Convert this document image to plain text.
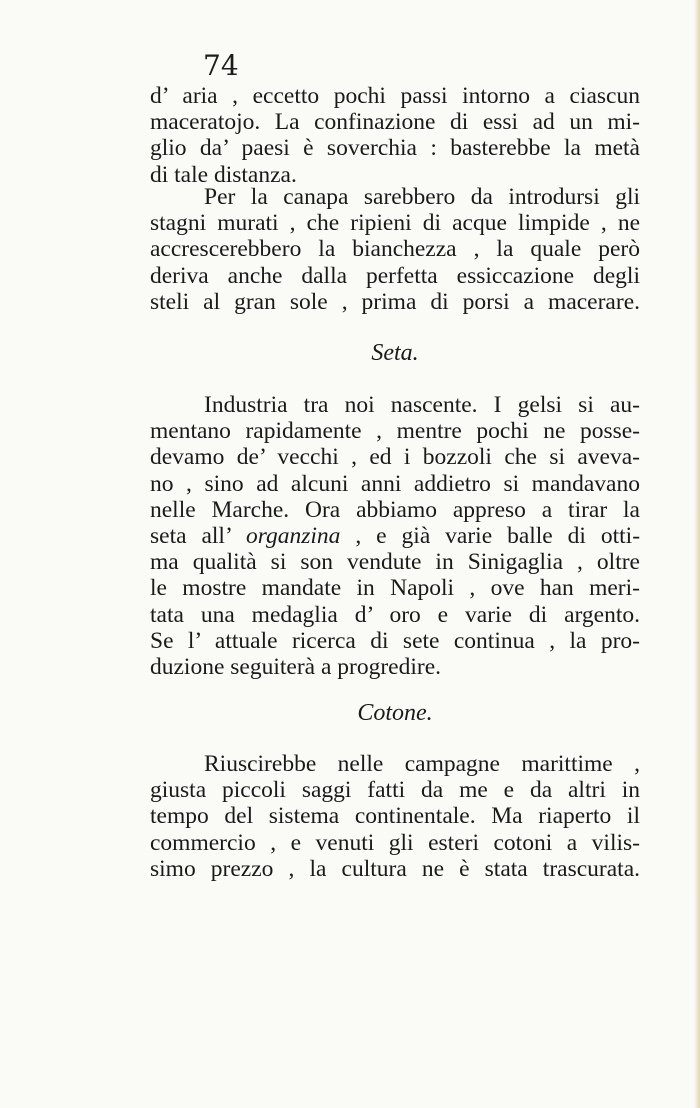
74
d’ aria , eccetto pochi passi intorno a ciascun
maceratojo. La confinazione di essi ad un mi-
glio da’ paesi è soverchia : basterebbe la metà
di tale distanza.
Per la canapa sarebbero da introdursi gli
stagni murati , che ripieni di acque limpide , ne
accrescerebbero la bianchezza , la quale però
deriva anche dalla perfetta essiccazione degli
steli al gran sole , prima di porsi a macerare.
Seta.
Industria tra noi nascente. I gelsi si au-
mentano rapidamente , mentre pochi ne posse-
devamo de’ vecchi , ed i bozzoli che si aveva-
no , sino ad alcuni anni addietro si mandavano
nelle Marche. Ora abbiamo appreso a tirar la
seta all’ organzina , e già varie balle di otti-
ma qualità si son vendute in Sinigaglia , oltre
le mostre mandate in Napoli , ove han meri-
tata una medaglia d’ oro e varie di argento.
Se l’ attuale ricerca di sete continua , la pro-
duzione seguiterà a progredire.
Cotone.
Riuscirebbe nelle campagne marittime ,
giusta piccoli saggi fatti da me e da altri in
tempo del sistema continentale. Ma riaperto il
commercio , e venuti gli esteri cotoni a vilis-
simo prezzo , la cultura ne è stata trascurata.
